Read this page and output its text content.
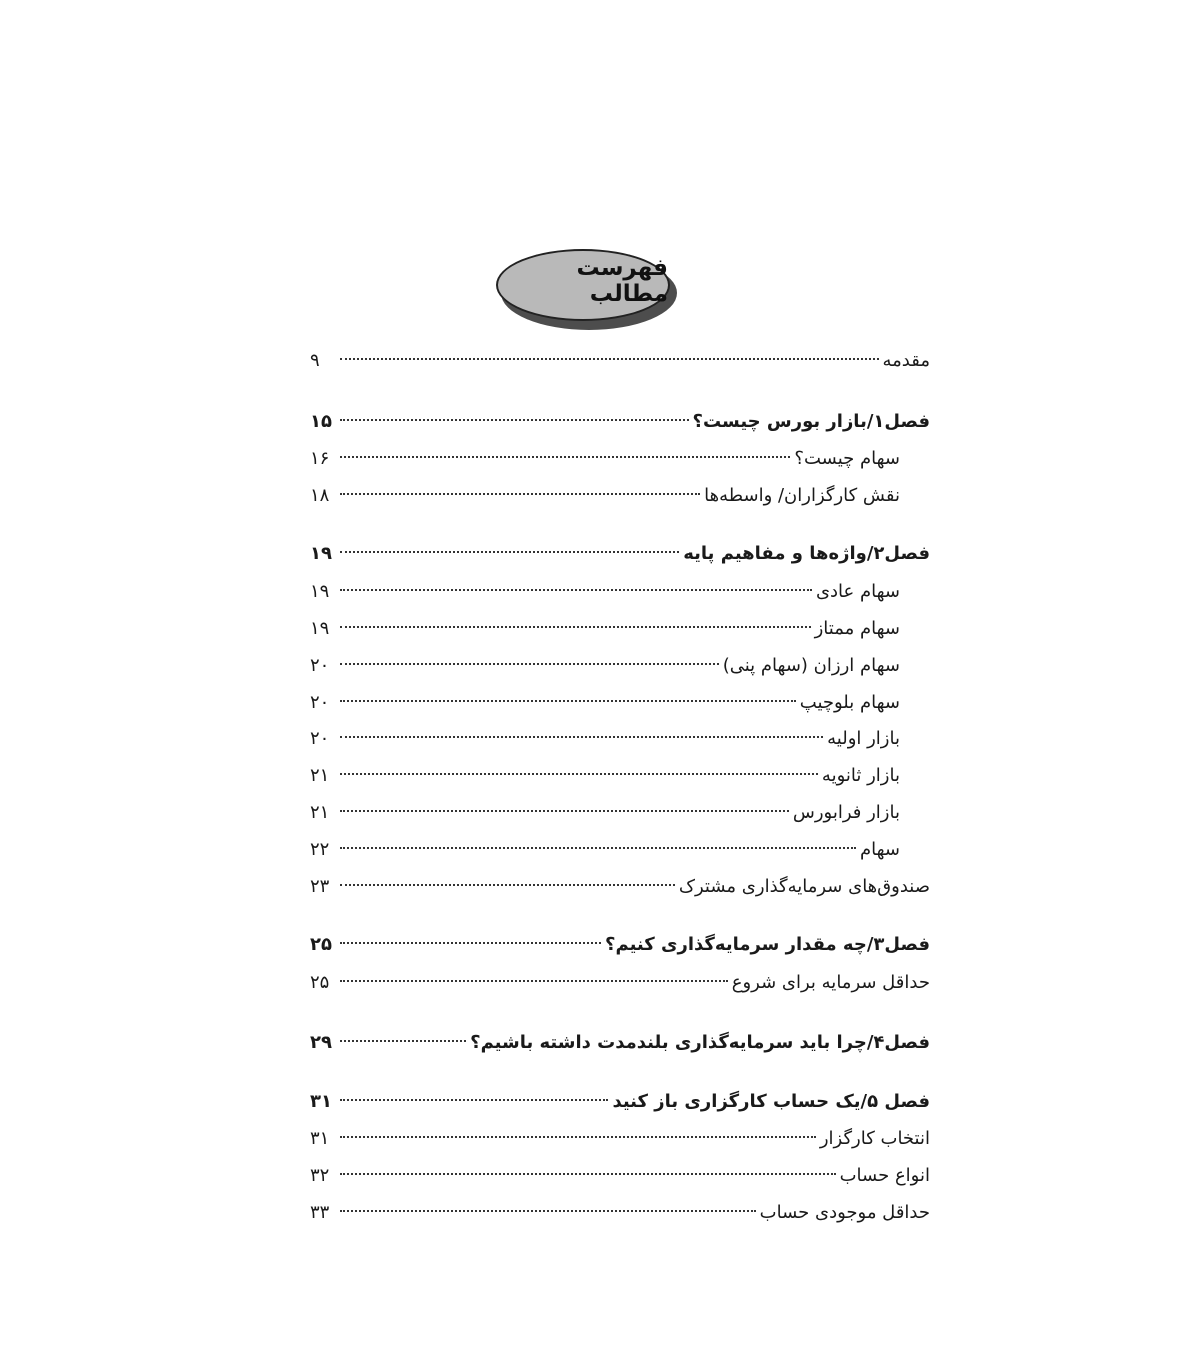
فهرست مطالب
مقدمه
۹
فصل۱/بازار بورس چیست؟
۱۵
سهام چیست؟
۱۶
نقش کارگزاران/ واسطه‌ها
۱۸
فصل۲/واژه‌ها و مفاهیم پایه
۱۹
سهام عادی
۱۹
سهام ممتاز
۱۹
سهام ارزان (سهام پنی)
۲۰
سهام بلوچیپ
۲۰
بازار اولیه
۲۰
بازار ثانویه
۲۱
بازار فرابورس
۲۱
سهام
۲۲
صندوق‌های سرمایه‌گذاری مشترک
۲۳
فصل۳/چه مقدار سرمایه‌گذاری کنیم؟
۲۵
حداقل سرمایه برای شروع
۲۵
فصل۴/چرا باید سرمایه‌گذاری بلندمدت داشته باشیم؟
۲۹
فصل ۵/یک حساب کارگزاری باز کنید
۳۱
انتخاب کارگزار
۳۱
انواع حساب
۳۲
حداقل موجودی حساب
۳۳
